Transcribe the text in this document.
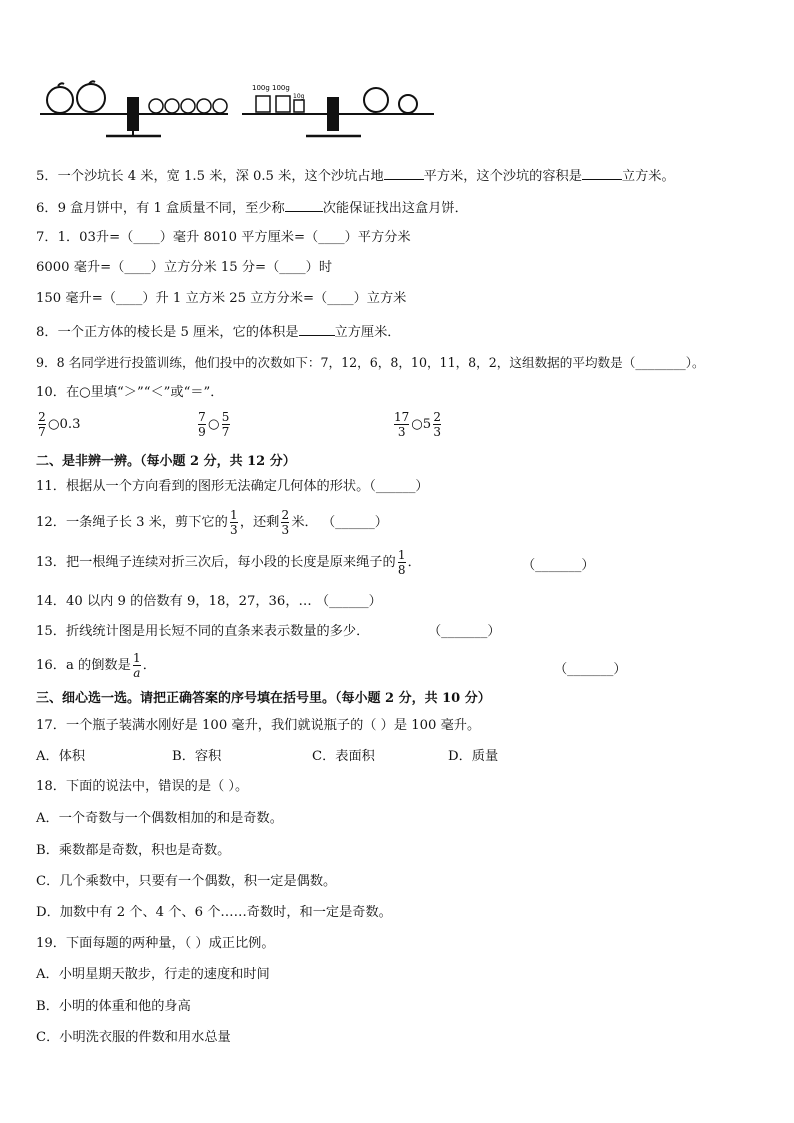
100g 100g
10g
5．一个沙坑长 4 米，宽 1.5 米，深 0.5 米，这个沙坑占地	平方米，这个沙坑的容积是	立方米。
6．9 盒月饼中，有 1 盒质量不同，至少称	次能保证找出这盒月饼．
7．1．03升=（____）毫升 8010 平方厘米=（____）平方分米
6000 毫升=（____）立方分米 15 分=（____）时
150 毫升=（____）升 1 立方米 25 立方分米=（____）立方米
8．一个正方体的棱长是 5 厘米，它的体积是	立方厘米．
9．8 名同学进行投篮训练，他们投中的次数如下：7，12，6，8，10，11，8，2，这组数据的平均数是（________）。
10．在○里填“＞”“＜”或“＝”．
$\frac{2}{7}$ ○0.3	$\frac{7}{9}$ ○ $\frac{5}{7}$	$\frac{17}{3}$ ○5 $\frac{2}{3}$
二、是非辨一辨。（每小题 2 分，共 12 分）
11．根据从一个方向看到的图形无法确定几何体的形状。（______）
12．一条绳子长 3 米，剪下它的 $\frac{1}{3}$ ，还剩 $\frac{2}{3}$ 米． （______）
13．把一根绳子连续对折三次后，每小段的长度是原来绳子的 $\frac{1}{8}$ ．	（_______）
14．40 以内 9 的倍数有 9，18，27，36，… （______）
15．折线统计图是用长短不同的直条来表示数量的多少．	（_______）
16．a 的倒数是 $\frac{1}{a}$ ．	（_______）
三、细心选一选。请把正确答案的序号填在括号里。（每小题 2 分，共 10 分）
17．一个瓶子装满水刚好是 100 毫升，我们就说瓶子的（ ）是 100 毫升。
A．体积	B．容积	C．表面积	D．质量
18．下面的说法中，错误的是（ ）。
A．一个奇数与一个偶数相加的和是奇数。
B．乘数都是奇数，积也是奇数。
C．几个乘数中，只要有一个偶数，积一定是偶数。
D．加数中有 2 个、4 个、6 个……奇数时，和一定是奇数。
19．下面每题的两种量，（ ）成正比例。
A．小明星期天散步，行走的速度和时间
B．小明的体重和他的身高
C．小明洗衣服的件数和用水总量
